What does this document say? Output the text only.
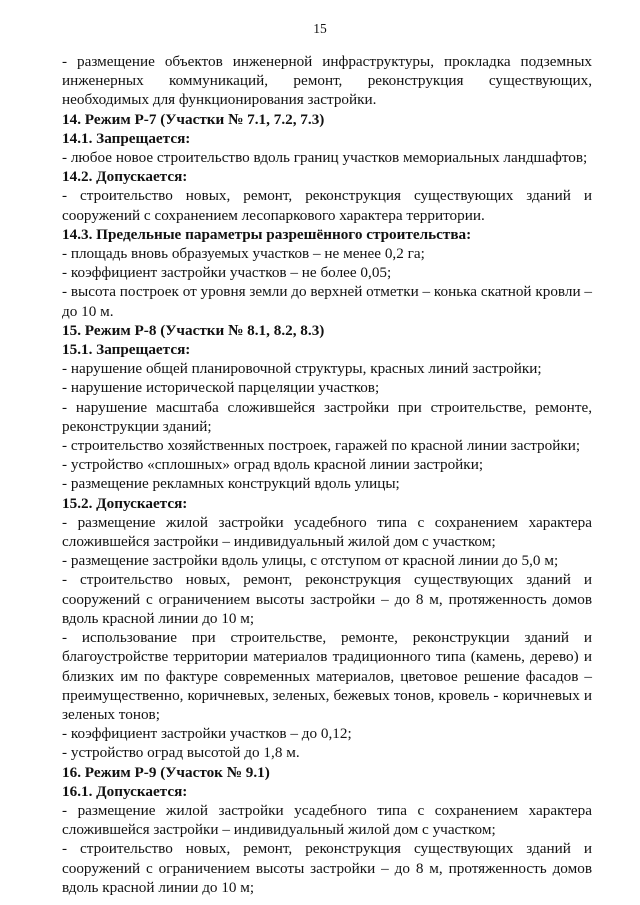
15
- размещение объектов инженерной инфраструктуры, прокладка подземных инженерных коммуникаций, ремонт, реконструкция существующих, необходимых для функционирования застройки.
14. Режим Р-7 (Участки № 7.1, 7.2, 7.3)
14.1. Запрещается:
- любое новое строительство вдоль границ участков мемориальных ландшафтов;
14.2. Допускается:
- строительство новых, ремонт, реконструкция существующих зданий и сооружений с сохранением лесопаркового характера территории.
14.3. Предельные параметры разрешённого строительства:
- площадь вновь образуемых участков – не менее 0,2 га;
- коэффициент застройки участков – не более 0,05;
- высота построек от уровня земли до верхней отметки – конька скатной кровли – до 10 м.
15. Режим Р-8 (Участки № 8.1, 8.2, 8.3)
15.1. Запрещается:
- нарушение общей планировочной структуры, красных линий застройки;
- нарушение исторической парцеляции участков;
- нарушение масштаба сложившейся застройки при строительстве, ремонте, реконструкции зданий;
- строительство хозяйственных построек, гаражей по красной линии застройки;
- устройство «сплошных» оград вдоль красной линии застройки;
- размещение рекламных конструкций вдоль улицы;
15.2. Допускается:
- размещение жилой застройки усадебного типа с сохранением характера сложившейся застройки – индивидуальный жилой дом с участком;
- размещение застройки вдоль улицы, с отступом от красной линии до 5,0 м;
- строительство новых, ремонт, реконструкция существующих зданий и сооружений с ограничением высоты застройки – до 8 м, протяженность домов вдоль красной линии до 10 м;
- использование при строительстве, ремонте, реконструкции зданий и благоустройстве территории материалов традиционного типа (камень, дерево) и близких им по фактуре современных материалов, цветовое решение фасадов – преимущественно, коричневых, зеленых, бежевых тонов, кровель - коричневых и зеленых тонов;
- коэффициент застройки участков – до 0,12;
- устройство оград высотой до 1,8 м.
16. Режим Р-9 (Участок № 9.1)
16.1. Допускается:
- размещение жилой застройки усадебного типа с сохранением характера сложившейся застройки – индивидуальный жилой дом с участком;
- строительство новых, ремонт, реконструкция существующих зданий и сооружений с ограничением высоты застройки – до 8 м, протяженность домов вдоль красной линии до 10 м;
